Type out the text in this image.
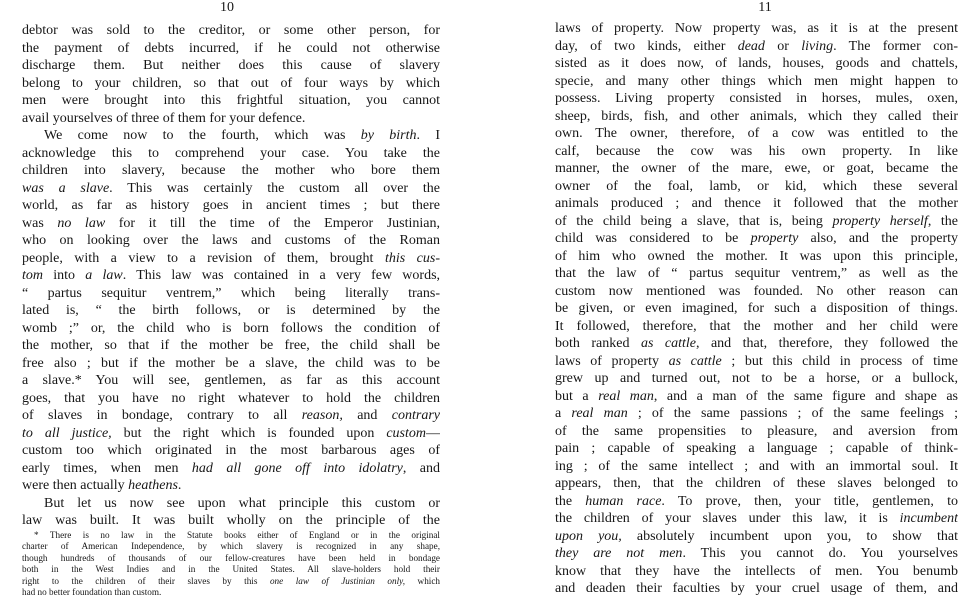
10
debtor was sold to the creditor, or some other person, for
the payment of debts incurred, if he could not otherwise
discharge them. But neither does this cause of slavery
belong to your children, so that out of four ways by which
men were brought into this frightful situation, you cannot
avail yourselves of three of them for your defence.
We come now to the fourth, which was by birth. I
acknowledge this to comprehend your case. You take the
children into slavery, because the mother who bore them
was a slave. This was certainly the custom all over the
world, as far as history goes in ancient times ; but there
was no law for it till the time of the Emperor Justinian,
who on looking over the laws and customs of the Roman
people, with a view to a revision of them, brought this cus-
tom into a law. This law was contained in a very few words,
“ partus sequitur ventrem,” which being literally trans-
lated is, “ the birth follows, or is determined by the
womb ;” or, the child who is born follows the condition of
the mother, so that if the mother be free, the child shall be
free also ; but if the mother be a slave, the child was to be
a slave.* You will see, gentlemen, as far as this account
goes, that you have no right whatever to hold the children
of slaves in bondage, contrary to all reason, and contrary
to all justice, but the right which is founded upon custom—
custom too which originated in the most barbarous ages of
early times, when men had all gone off into idolatry, and
were then actually heathens.
But let us now see upon what principle this custom or
law was built. It was built wholly on the principle of the
* There is no law in the Statute books either of England or in the original
charter of American Independence, by which slavery is recognized in any shape,
though hundreds of thousands of our fellow-creatures have been held in bondage
both in the West Indies and in the United States. All slave-holders hold their
right to the children of their slaves by this one law of Justinian only, which
had no better foundation than custom.
11
laws of property. Now property was, as it is at the present
day, of two kinds, either dead or living. The former con-
sisted as it does now, of lands, houses, goods and chattels,
specie, and many other things which men might happen to
possess. Living property consisted in horses, mules, oxen,
sheep, birds, fish, and other animals, which they called their
own. The owner, therefore, of a cow was entitled to the
calf, because the cow was his own property. In like
manner, the owner of the mare, ewe, or goat, became the
owner of the foal, lamb, or kid, which these several
animals produced ; and thence it followed that the mother
of the child being a slave, that is, being property herself, the
child was considered to be property also, and the property
of him who owned the mother. It was upon this principle,
that the law of “ partus sequitur ventrem,” as well as the
custom now mentioned was founded. No other reason can
be given, or even imagined, for such a disposition of things.
It followed, therefore, that the mother and her child were
both ranked as cattle, and that, therefore, they followed the
laws of property as cattle ; but this child in process of time
grew up and turned out, not to be a horse, or a bullock,
but a real man, and a man of the same figure and shape as
a real man ; of the same passions ; of the same feelings ;
of the same propensities to pleasure, and aversion from
pain ; capable of speaking a language ; capable of think-
ing ; of the same intellect ; and with an immortal soul. It
appears, then, that the children of these slaves belonged to
the human race. To prove, then, your title, gentlemen, to
the children of your slaves under this law, it is incumbent
upon you, absolutely incumbent upon you, to show that
they are not men. This you cannot do. You yourselves
know that they have the intellects of men. You benumb
and deaden their faculties by your cruel usage of them, and
